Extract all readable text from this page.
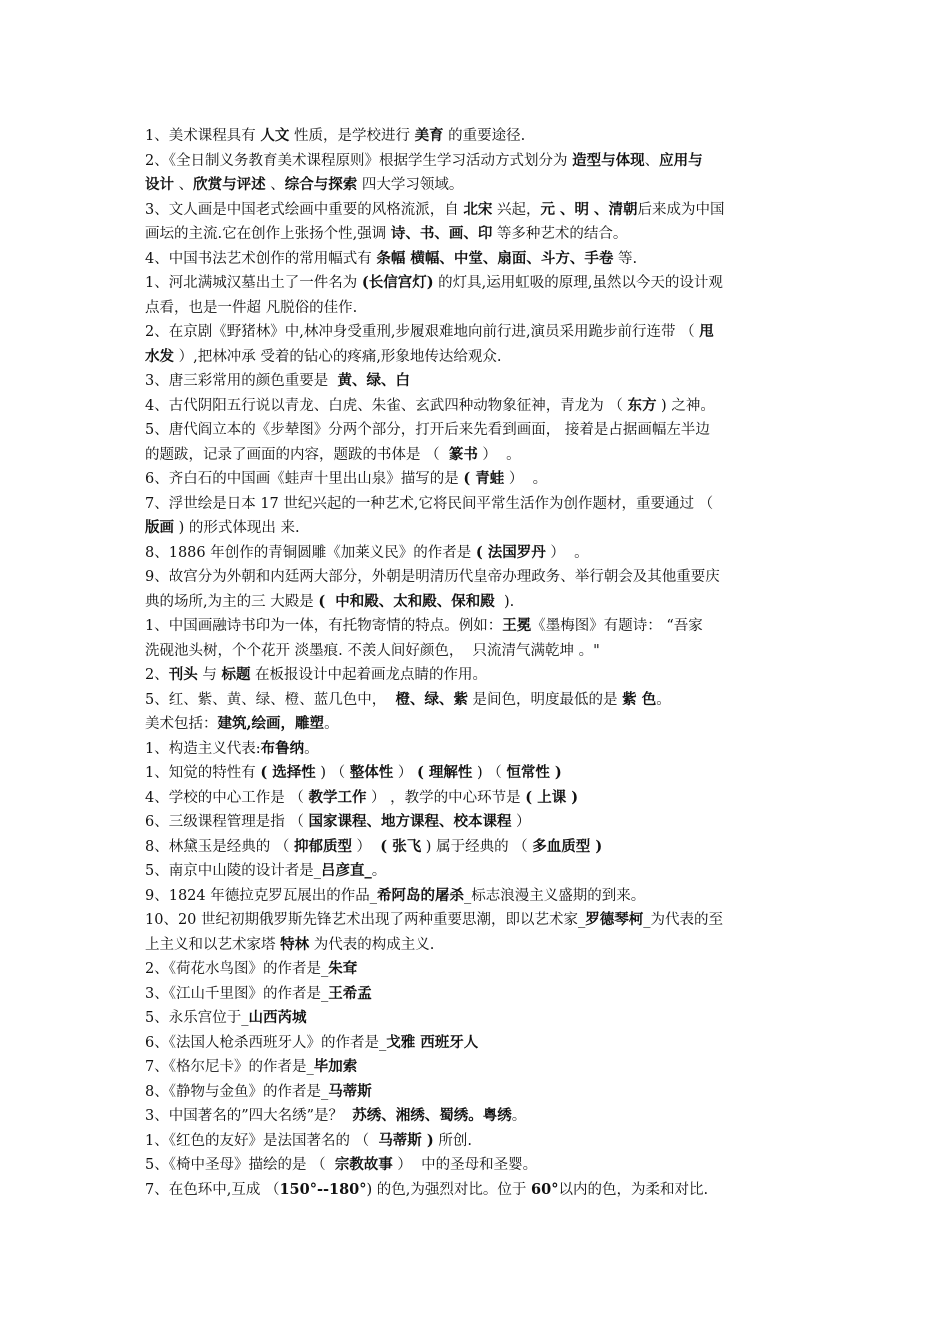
1、美术课程具有 人文 性质，是学校进行 美育 的重要途径.
2、《全日制义务教育美术课程原则》根据学生学习活动方式划分为 造型与体现、应用与
设计 、欣赏与评述 、综合与探索 四大学习领域。
3、文人画是中国老式绘画中重要的风格流派，自 北宋 兴起，元 、明 、清朝后来成为中国
画坛的主流.它在创作上张扬个性,强调 诗、书、画、印 等多种艺术的结合。
4、中国书法艺术创作的常用幅式有 条幅 横幅、中堂、扇面、斗方、手卷 等.
1、河北满城汉墓出土了一件名为 (长信宫灯) 的灯具,运用虹吸的原理,虽然以今天的设计观
点看，也是一件超 凡脱俗的佳作.
2、在京剧《野猪林》中,林冲身受重刑,步履艰难地向前行进,演员采用跪步前行连带 （ 甩
水发 ）,把林冲承 受着的钻心的疼痛,形象地传达给观众.
3、唐三彩常用的颜色重要是  黄、绿、白
4、古代阴阳五行说以青龙、白虎、朱雀、玄武四种动物象征神，青龙为 （ 东方 ) 之神。
5、唐代阎立本的《步辇图》分两个部分，打开后来先看到画面， 接着是占据画幅左半边
的题跋，记录了画面的内容，题跋的书体是 （  篆书 ）  。
6、齐白石的中国画《蛙声十里出山泉》描写的是 ( 青蛙 ）  。
7、浮世绘是日本 17 世纪兴起的一种艺术,它将民间平常生活作为创作题材，重要通过 （
版画 ) 的形式体现出 来.
8、1886 年创作的青铜圆雕《加莱义民》的作者是 ( 法国罗丹 ）  。
9、故宫分为外朝和内廷两大部分，外朝是明清历代皇帝办理政务、举行朝会及其他重要庆
典的场所,为主的三 大殿是 (  中和殿、太和殿、保和殿  ).
1、中国画融诗书印为一体，有托物寄情的特点。例如：王冕《墨梅图》有题诗： “吾家
洗砚池头树，个个花开 淡墨痕. 不羡人间好颜色，  只流清气满乾坤 。"
2、刊头 与 标题 在板报设计中起着画龙点睛的作用。
5、红、紫、黄、绿、橙、蓝几色中，  橙、绿、紫 是间色，明度最低的是 紫 色。
美术包括：建筑,绘画，雕塑。
1、构造主义代表:布鲁纳。
1、知觉的特性有 ( 选择性 ) （ 整体性 ） ( 理解性 ) （ 恒常性 )
4、学校的中心工作是 （ 教学工作 ） ，教学的中心环节是 ( 上课 )
6、三级课程管理是指 （ 国家课程、地方课程、校本课程 ）
8、林黛玉是经典的 （ 抑郁质型 ）  ( 张飞 ) 属于经典的 （ 多血质型 )
5、南京中山陵的设计者是_吕彦直_。
9、1824 年德拉克罗瓦展出的作品_希阿岛的屠杀_标志浪漫主义盛期的到来。
10、20 世纪初期俄罗斯先锋艺术出现了两种重要思潮，即以艺术家_罗德琴柯_为代表的至
上主义和以艺术家塔 特林 为代表的构成主义.
2、《荷花水鸟图》的作者是_朱耷
3、《江山千里图》的作者是_王希孟
5、永乐宫位于_山西芮城
6、《法国人枪杀西班牙人》的作者是_戈雅 西班牙人
7、《格尔尼卡》的作者是_毕加索
8、《静物与金鱼》的作者是_马蒂斯
3、中国著名的”四大名绣”是？  苏绣、湘绣、蜀绣。粤绣。
1、《红色的友好》是法国著名的 （  马蒂斯 ) 所创.
5、《椅中圣母》描绘的是 （  宗教故事 ）  中的圣母和圣婴。
7、在色环中,互成 （150°--180°) 的色,为强烈对比。位于 60°以内的色，为柔和对比.
